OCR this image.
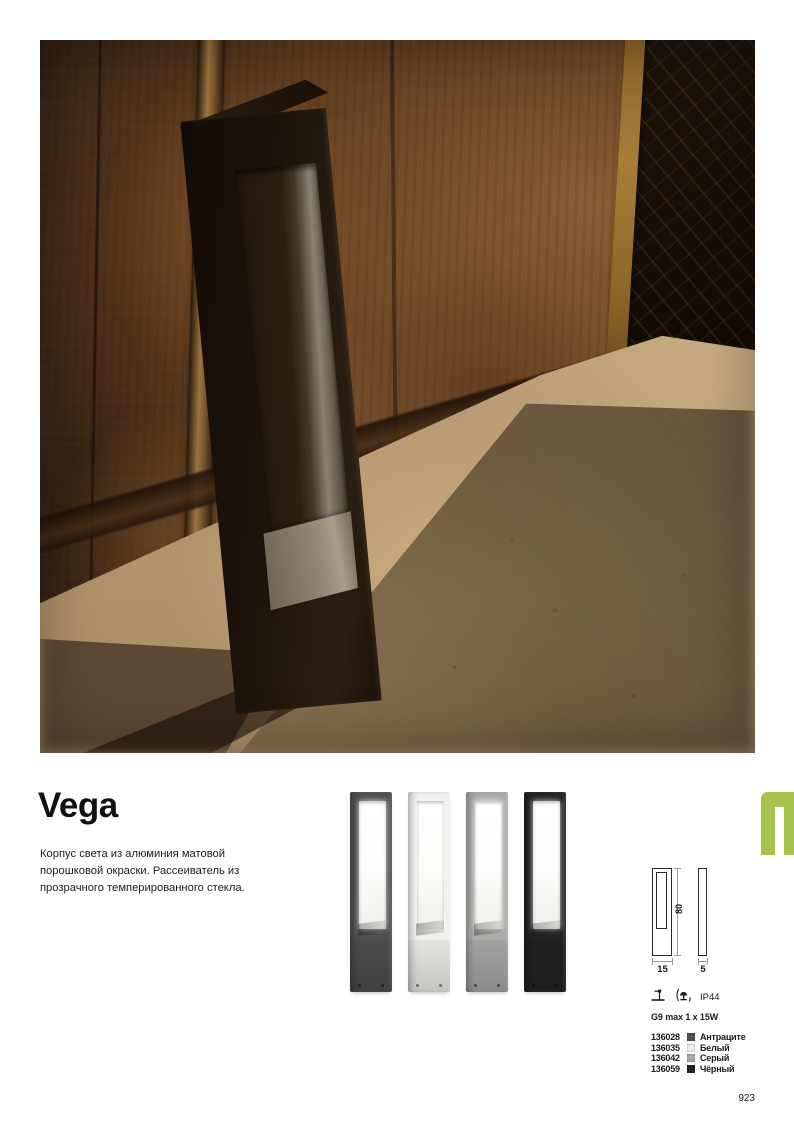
Vega
Корпус света из алюминия матовой порошковой окраски. Рассеиватель из прозрачного темперированного стекла.
80
15	5
IP44
G9 max 1 x 15W
136028	Антраците
136035	Белый
136042	Серый
136059	Чёрный
923
